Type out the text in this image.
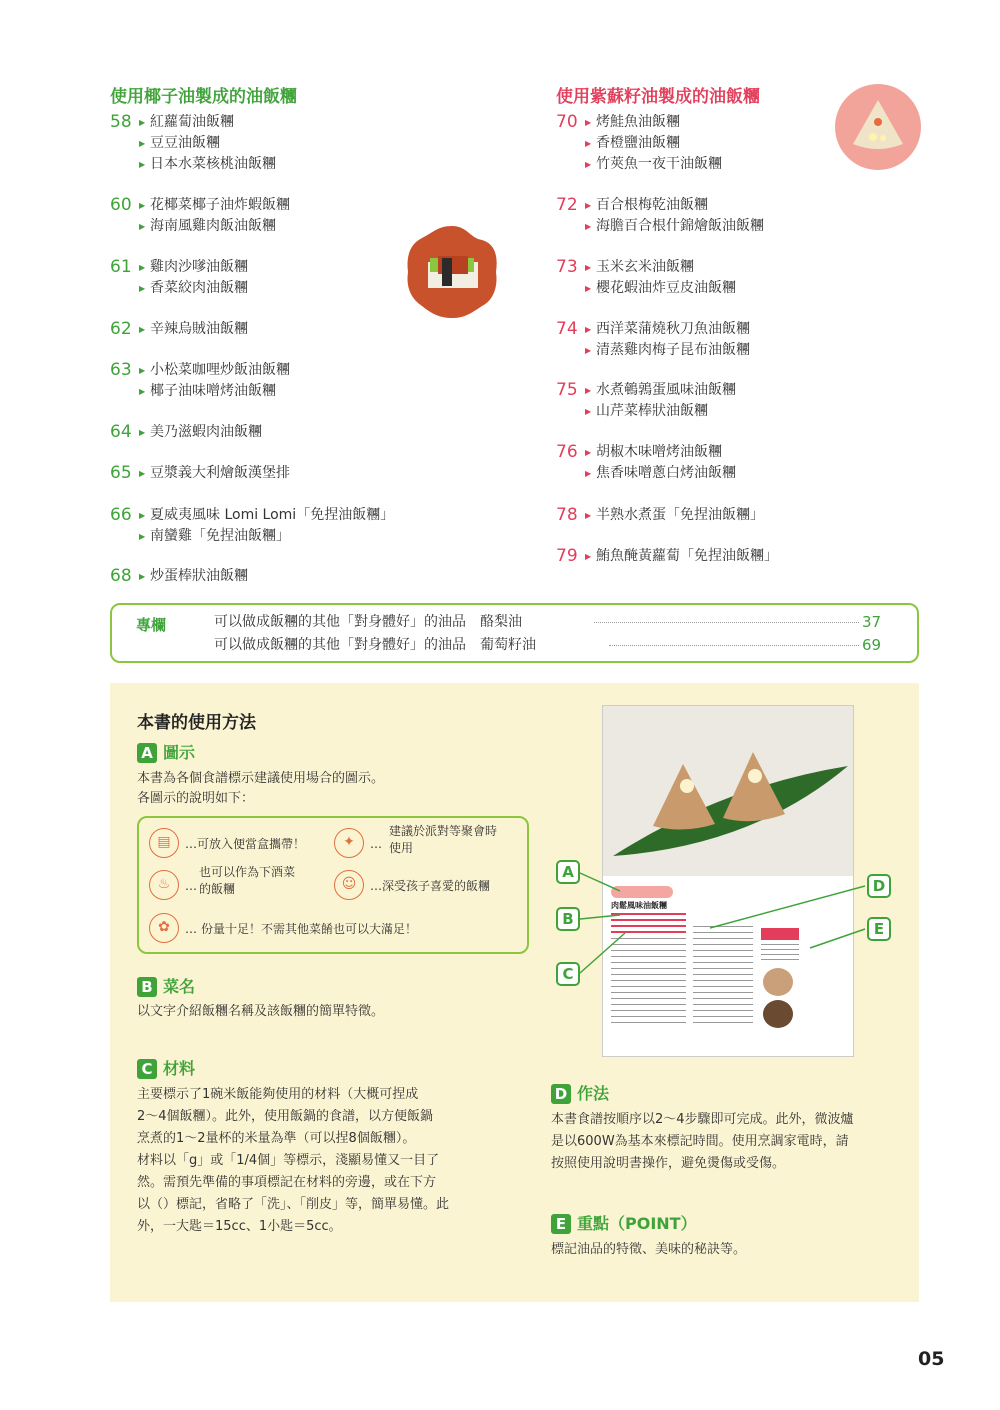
使用椰子油製成的油飯糰	使用紫蘇籽油製成的油飯糰
58	▶ 紅蘿蔔油飯糰
▶ 豆豆油飯糰
▶ 日本水菜核桃油飯糰
60	▶ 花椰菜椰子油炸蝦飯糰
▶ 海南風雞肉飯油飯糰
61	▶ 雞肉沙嗲油飯糰
▶ 香菜絞肉油飯糰
62	▶ 辛辣烏賊油飯糰
63	▶ 小松菜咖哩炒飯油飯糰
▶ 椰子油味噌烤油飯糰
64	▶ 美乃滋蝦肉油飯糰
65	▶ 豆漿義大利燴飯漢堡排
66	▶ 夏威夷風味 Lomi Lomi「免捏油飯糰」
▶ 南蠻雞「免捏油飯糰」
68	▶ 炒蛋棒狀油飯糰
70	▶ 烤鮭魚油飯糰
▶ 香橙鹽油飯糰
▶ 竹莢魚一夜干油飯糰
72	▶ 百合根梅乾油飯糰
▶ 海膽百合根什錦燴飯油飯糰
73	▶ 玉米玄米油飯糰
▶ 櫻花蝦油炸豆皮油飯糰
74	▶ 西洋菜蒲燒秋刀魚油飯糰
▶ 清蒸雞肉梅子昆布油飯糰
75	▶ 水煮鵪鶉蛋風味油飯糰
▶ 山芹菜棒狀油飯糰
76	▶ 胡椒木味噌烤油飯糰
▶ 焦香味噌蔥白烤油飯糰
78	▶ 半熟水煮蛋「免捏油飯糰」
79	▶ 鮪魚醃黃蘿蔔「免捏油飯糰」
專欄	可以做成飯糰的其他「對身體好」的油品 酪梨油	37
可以做成飯糰的其他「對身體好」的油品 葡萄籽油	69
本書的使用方法
A 圖示
本書為各個食譜標示建議使用場合的圖示。
各圖示的說明如下：
▤	…可放入便當盒攜帶！	✦	…
建議於派對等聚會時
使用
♨	…
也可以作為下酒菜
的飯糰	☺	…深受孩子喜愛的飯糰
✿	… 份量十足！不需其他菜餚也可以大滿足！
B 菜名
以文字介紹飯糰名稱及該飯糰的簡單特徵。
C 材料
主要標示了1碗米飯能夠使用的材料（大概可捏成
2～4個飯糰）。此外，使用飯鍋的食譜，以方便飯鍋
烹煮的1～2量杯的米量為準（可以捏8個飯糰）。
材料以「g」或「1/4個」等標示，淺顯易懂又一目了
然。需預先準備的事項標記在材料的旁邊，或在下方
以（）標記，省略了「洗」、「削皮」等，簡單易懂。此
外，一大匙＝15cc、1小匙＝5cc。
肉鬆風味油飯糰
A
B
C
D
E
D 作法
本書食譜按順序以2～4步驟即可完成。此外，微波爐
是以600W為基本來標記時間。使用烹調家電時，請
按照使用說明書操作，避免燙傷或受傷。
E 重點（POINT）
標記油品的特徵、美味的秘訣等。
05
